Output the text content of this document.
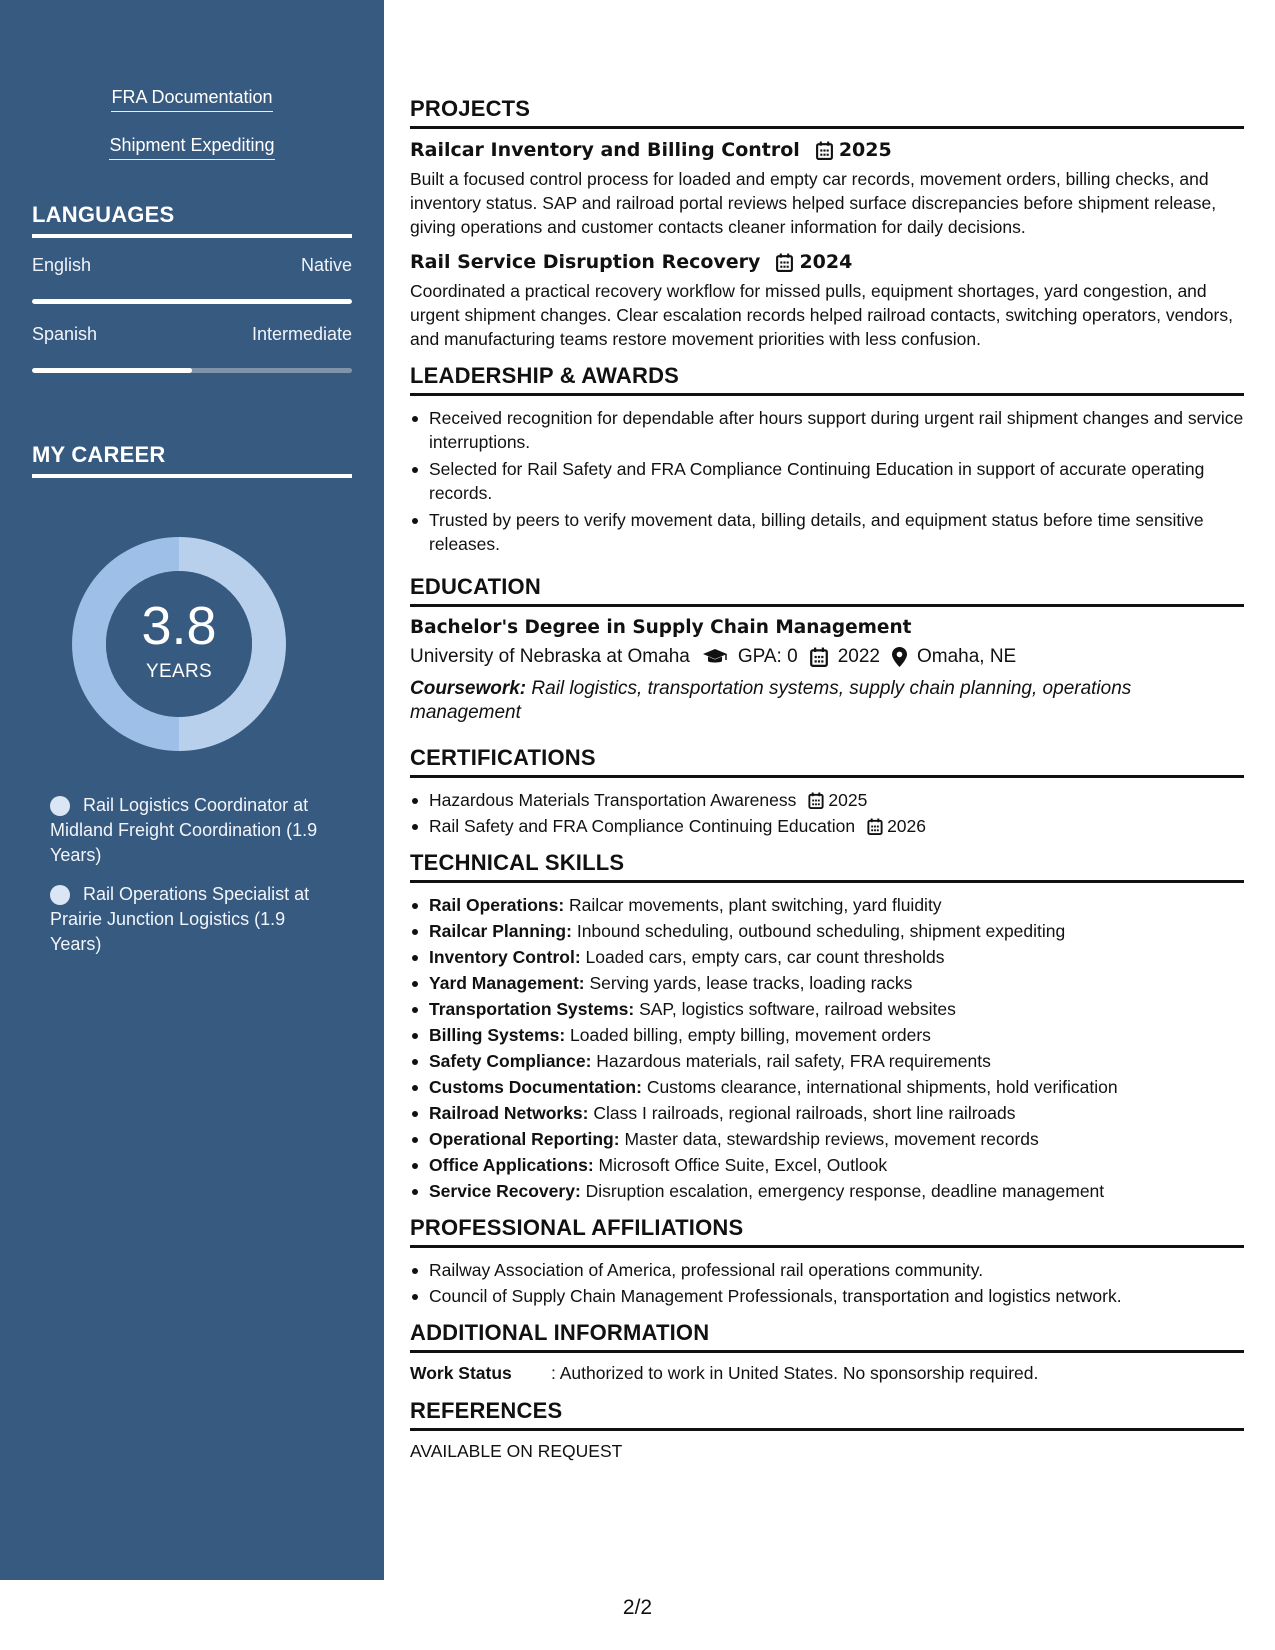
FRA Documentation
Shipment Expediting
LANGUAGES
English	Native
Spanish	Intermediate
MY CAREER
3.8
YEARS
Rail Logistics Coordinator at Midland Freight Coordination (1.9 Years)
Rail Operations Specialist at Prairie Junction Logistics (1.9 Years)
PROJECTS
Railcar Inventory and Billing Control 2025

Built a focused control process for loaded and empty car records, movement orders, billing checks, and inventory status. SAP and railroad portal reviews helped surface discrepancies before shipment release, giving operations and customer contacts cleaner information for daily decisions.

Rail Service Disruption Recovery 2024

Coordinated a practical recovery workflow for missed pulls, equipment shortages, yard congestion, and urgent shipment changes. Clear escalation records helped railroad contacts, switching operators, vendors, and manufacturing teams restore movement priorities with less confusion.

LEADERSHIP & AWARDS
Received recognition for dependable after hours support during urgent rail shipment changes and service interruptions.
Selected for Rail Safety and FRA Compliance Continuing Education in support of accurate operating records.
Trusted by peers to verify movement data, billing details, and equipment status before time sensitive releases.
EDUCATION
Bachelor's Degree in Supply Chain Management
University of Nebraska at Omaha	GPA: 0 2022 Omaha, NE
Coursework: Rail logistics, transportation systems, supply chain planning, operations management
CERTIFICATIONS
Hazardous Materials Transportation Awareness 2025
Rail Safety and FRA Compliance Continuing Education 2026
TECHNICAL SKILLS
Rail Operations: Railcar movements, plant switching, yard fluidity
Railcar Planning: Inbound scheduling, outbound scheduling, shipment expediting
Inventory Control: Loaded cars, empty cars, car count thresholds
Yard Management: Serving yards, lease tracks, loading racks
Transportation Systems: SAP, logistics software, railroad websites
Billing Systems: Loaded billing, empty billing, movement orders
Safety Compliance: Hazardous materials, rail safety, FRA requirements
Customs Documentation: Customs clearance, international shipments, hold verification
Railroad Networks: Class I railroads, regional railroads, short line railroads
Operational Reporting: Master data, stewardship reviews, movement records
Office Applications: Microsoft Office Suite, Excel, Outlook
Service Recovery: Disruption escalation, emergency response, deadline management
PROFESSIONAL AFFILIATIONS
Railway Association of America, professional rail operations community.
Council of Supply Chain Management Professionals, transportation and logistics network.
ADDITIONAL INFORMATION
Work Status	: Authorized to work in United States. No sponsorship required.
REFERENCES
AVAILABLE ON REQUEST
2/2
